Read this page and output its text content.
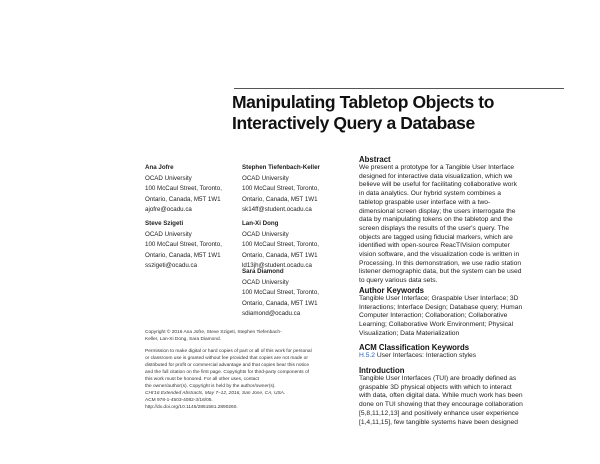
Manipulating Tabletop Objects to
Interactively Query a Database
Ana Jofre
OCAD University
100 McCaul Street, Toronto,
Ontario, Canada, M5T 1W1
ajofre@ocadu.ca
Steve Szigeti
OCAD University
100 McCaul Street, Toronto,
Ontario, Canada, M5T 1W1
sszigeti@ocadu.ca
Stephen Tiefenbach-Keller
OCAD University
100 McCaul Street, Toronto,
Ontario, Canada, M5T 1W1
sk14ff@student.ocadu.ca
Lan-Xi Dong
OCAD University
100 McCaul Street, Toronto,
Ontario, Canada, M5T 1W1
ld13jh@student.ocadu.ca
Sara Diamond
OCAD University
100 McCaul Street, Toronto,
Ontario, Canada, M5T 1W1
sdiamond@ocadu.ca
Copyright © 2016 Ana Jofre, Steve Szigeti, Stephen Tiefenbach-
Keller, Lan-Xi Dong, Sara Diamond.
Permission to make digital or hard copies of part or all of this work for personal
or classroom use is granted without fee provided that copies are not made or
distributed for profit or commercial advantage and that copies bear this notice
and the full citation on the first page. Copyrights for third-party components of
this work must be honored. For all other uses, contact
the owner/author(s). Copyright is held by the author/owner(s).
CHI'16 Extended Abstracts, May 7–12, 2016, San Jose, CA, USA.
ACM 978-1-4503-4082-3/16/05.
http://dx.doi.org/10.1145/2851581.2890260.
Abstract
We present a prototype for a Tangible User Interface
designed for interactive data visualization, which we
believe will be useful for facilitating collaborative work
in data analytics. Our hybrid system combines a
tabletop graspable user interface with a two-
dimensional screen display; the users interrogate the
data by manipulating tokens on the tabletop and the
screen displays the results of the user's query. The
objects are tagged using fiducial markers, which are
identified with open-source ReacTIVision computer
vision software, and the visualization code is written in
Processing. In this demonstration, we use radio station
listener demographic data, but the system can be used
to query various data sets.
Author Keywords
Tangible User Interface; Graspable User Interface; 3D
Interactions; Interface Design; Database query; Human
Computer Interaction; Collaboration; Collaborative
Learning; Collaborative Work Environment; Physical
Visualization; Data Materialization
ACM Classification Keywords
H.5.2 User Interfaces: Interaction styles
Introduction
Tangible User Interfaces (TUI) are broadly defined as
graspable 3D physical objects with which to interact
with data, often digital data. While much work has been
done on TUI showing that they encourage collaboration
[5,8,11,12,13] and positively enhance user experience
[1,4,11,15], few tangible systems have been designed
